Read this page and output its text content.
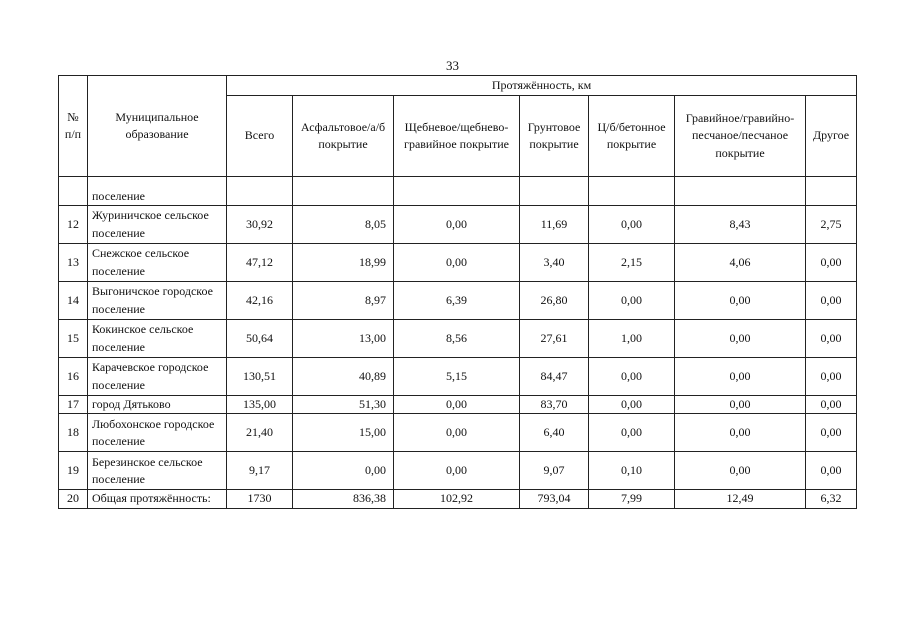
33
№ п/п	Муниципальное образование	Протяжённость, км						
		Всего	Асфальтовое/а/б покрытие	Щебневое/щебнево-гравийное покрытие	Грунтовое покрытие	Ц/б/бетонное покрытие	Гравийное/гравийно-песчаное/песчаное покрытие	Другое
	поселение							
12	Журиничское сельское поселение	30,92	8,05	0,00	11,69	0,00	8,43	2,75
13	Снежское сельское поселение	47,12	18,99	0,00	3,40	2,15	4,06	0,00
14	Выгоничское городское поселение	42,16	8,97	6,39	26,80	0,00	0,00	0,00
15	Кокинское сельское поселение	50,64	13,00	8,56	27,61	1,00	0,00	0,00
16	Карачевское городское поселение	130,51	40,89	5,15	84,47	0,00	0,00	0,00
17	город Дятьково	135,00	51,30	0,00	83,70	0,00	0,00	0,00
18	Любохонское городское поселение	21,40	15,00	0,00	6,40	0,00	0,00	0,00
19	Березинское сельское поселение	9,17	0,00	0,00	9,07	0,10	0,00	0,00
20	Общая протяжённость:	1730	836,38	102,92	793,04	7,99	12,49	6,32
